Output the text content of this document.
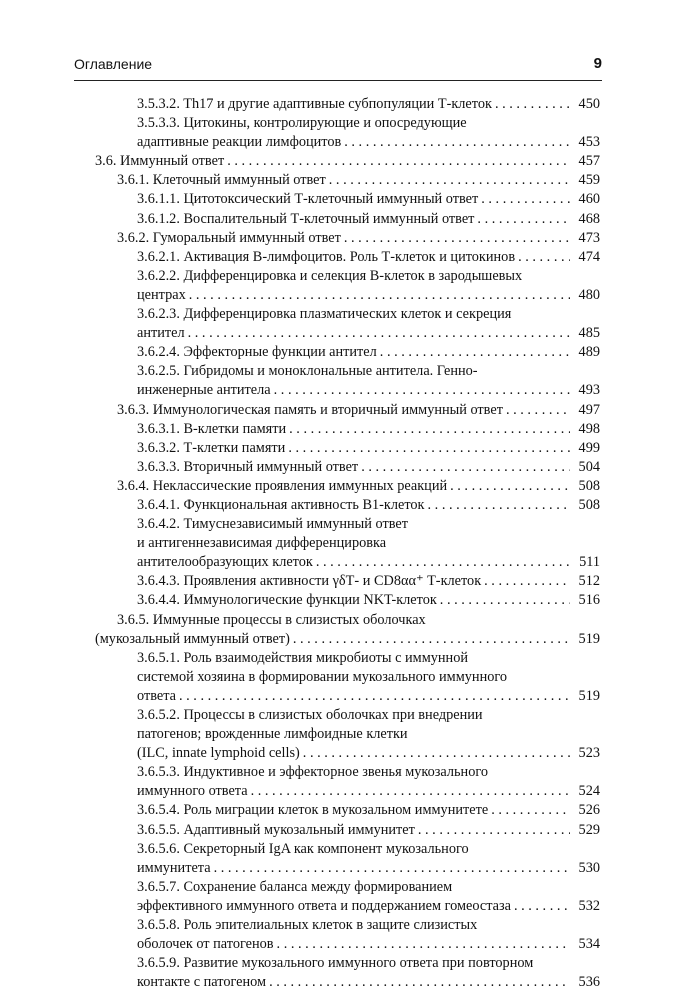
Оглавление	9
3.5.3.2. Th17 и другие адаптивные субпопуляции Т-клеток . . .	450
3.5.3.3. Цитокины, контролирующие и опосредующие
адаптивные реакции лимфоцитов . . .	453
3.6. Иммунный ответ . . .	457
3.6.1. Клеточный иммунный ответ . . .	459
3.6.1.1. Цитотоксический Т-клеточный иммунный ответ . . .	460
3.6.1.2. Воспалительный Т-клеточный иммунный ответ . . .	468
3.6.2. Гуморальный иммунный ответ . . .	473
3.6.2.1. Активация В-лимфоцитов. Роль Т-клеток и цитокинов . . .	474
3.6.2.2. Дифференцировка и селекция В-клеток в зародышевых
центрах . . .	480
3.6.2.3. Дифференцировка плазматических клеток и секреция
антител . . .	485
3.6.2.4. Эффекторные функции антител . . .	489
3.6.2.5. Гибридомы и моноклональные антитела. Генно-
инженерные антитела . . .	493
3.6.3. Иммунологическая память и вторичный иммунный ответ . . .	497
3.6.3.1. В-клетки памяти . . .	498
3.6.3.2. Т-клетки памяти . . .	499
3.6.3.3. Вторичный иммунный ответ . . .	504
3.6.4. Неклассические проявления иммунных реакций . . .	508
3.6.4.1. Функциональная активность B1-клеток . . .	508
3.6.4.2. Тимуснезависимый иммунный ответ
и антигеннезависимая дифференцировка
антителообразующих клеток . . .	511
3.6.4.3. Проявления активности γδТ- и CD8αα⁺ Т-клеток . . .	512
3.6.4.4. Иммунологические функции NKT-клеток . . .	516
3.6.5. Иммунные процессы в слизистых оболочках
(мукозальный иммунный ответ) . . .	519
3.6.5.1. Роль взаимодействия микробиоты с иммунной
системой хозяина в формировании мукозального иммунного
ответа . . .	519
3.6.5.2. Процессы в слизистых оболочках при внедрении
патогенов; врожденные лимфоидные клетки
(ILC, innate lymphoid cells) . . .	523
3.6.5.3. Индуктивное и эффекторное звенья мукозального
иммунного ответа . . .	524
3.6.5.4. Роль миграции клеток в мукозальном иммунитете . . .	526
3.6.5.5. Адаптивный мукозальный иммунитет . . .	529
3.6.5.6. Секреторный IgA как компонент мукозального
иммунитета . . .	530
3.6.5.7. Сохранение баланса между формированием
эффективного иммунного ответа и поддержанием гомеостаза . . .	532
3.6.5.8. Роль эпителиальных клеток в защите слизистых
оболочек от патогенов . . .	534
3.6.5.9. Развитие мукозального иммунного ответа при повторном
контакте с патогеном . . .	536
